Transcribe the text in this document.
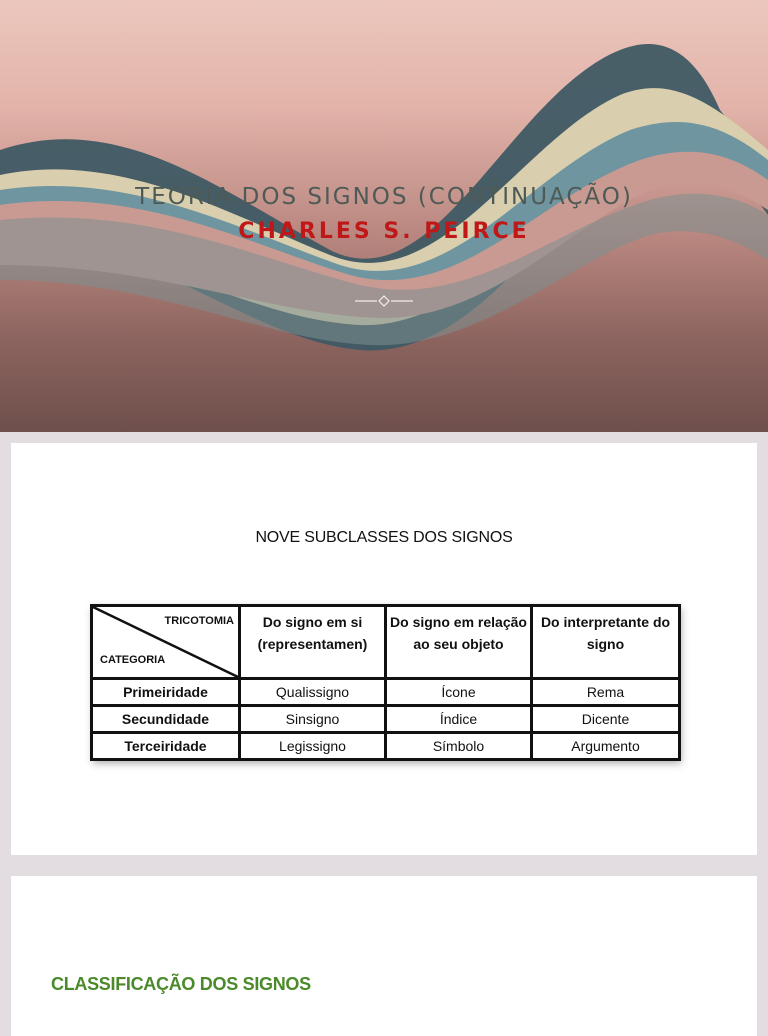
TEORIA DOS SIGNOS (CONTINUAÇÃO)
CHARLES S. PEIRCE
NOVE SUBCLASSES DOS SIGNOS
TRICOTOMIA
CATEGORIA	Do signo em si (representamen)	Do signo em relação ao seu objeto	Do interpretante do signo
Primeiridade	Qualissigno	Ícone	Rema
Secundidade	Sinsigno	Índice	Dicente
Terceiridade	Legissigno	Símbolo	Argumento
CLASSIFICAÇÃO DOS SIGNOS
